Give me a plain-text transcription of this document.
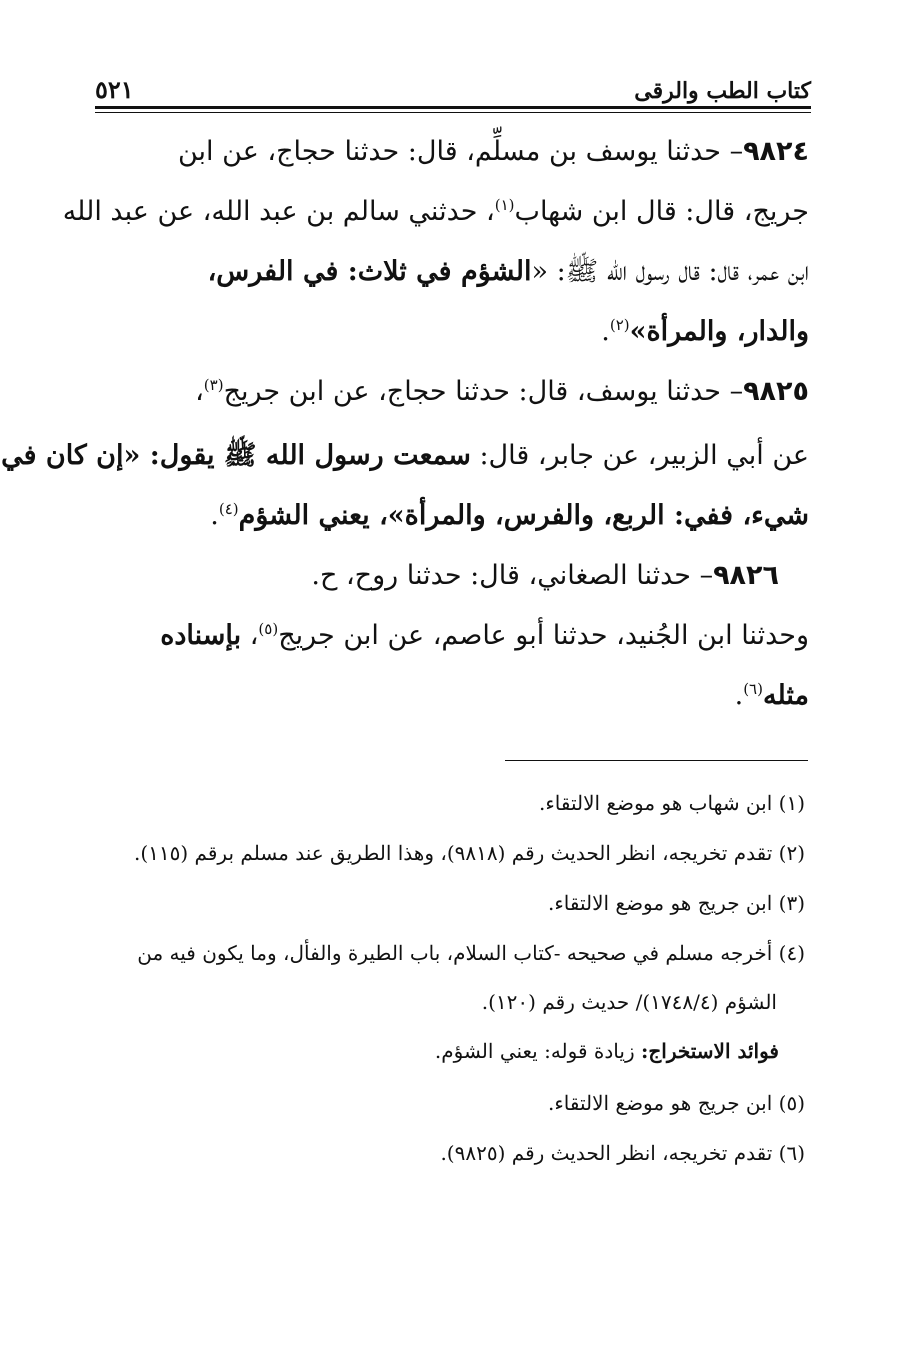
كتاب الطب والرقى
٥٢١
٩٨٢٤– حدثنا يوسف بن مسلِّم، قال: حدثنا حجاج، عن ابن
جريج، قال: قال ابن شهاب$^{(١)}$، حدثني سالم بن عبد الله، عن عبد الله
ابن عمر، قال: قال رسول الله ﷺ: «الشؤم في ثلاث: في الفرس،
والدار، والمرأة»$^{(٢)}$.
٩٨٢٥– حدثنا يوسف، قال: حدثنا حجاج، عن ابن جريج$^{(٣)}$،
عن أبي الزبير، عن جابر، قال: سمعت رسول الله ﷺ يقول: «إن كان في
شيء، ففي: الربع، والفرس، والمرأة»، يعني الشؤم$^{(٤)}$.
٩٨٢٦– حدثنا الصغاني، قال: حدثنا روح، ح.
وحدثنا ابن الجُنيد، حدثنا أبو عاصم، عن ابن جريج$^{(٥)}$، بإسناده
مثله$^{(٦)}$.
(١) ابن شهاب هو موضع الالتقاء.
(٢) تقدم تخريجه، انظر الحديث رقم (٩٨١٨)، وهذا الطريق عند مسلم برقم (١١٥).
(٣) ابن جريج هو موضع الالتقاء.
(٤) أخرجه مسلم في صحيحه -كتاب السلام، باب الطيرة والفأل، وما يكون فيه من
الشؤم (١٧٤٨/٤)/ حديث رقم (١٢٠).
فوائد الاستخراج: زيادة قوله: يعني الشؤم.
(٥) ابن جريج هو موضع الالتقاء.
(٦) تقدم تخريجه، انظر الحديث رقم (٩٨٢٥).
